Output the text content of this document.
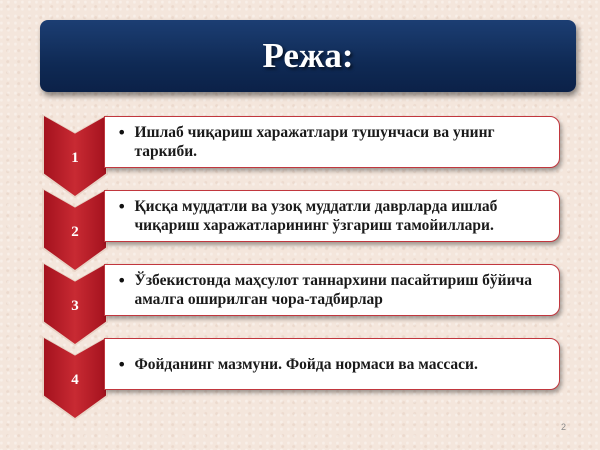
Режа:
1
• Ишлаб чиқариш харажатлари тушунчаси ва унинг таркиби.
2
• Қисқа муддатли ва узоқ муддатли даврларда ишлаб чиқариш харажатларининг ўзгариш тамойиллари.
3
• Ўзбекистонда маҳсулот таннархини пасайтириш бўйича амалга оширилган чора-тадбирлар
4
• Фойданинг мазмуни. Фойда нормаси ва массаси.
2
